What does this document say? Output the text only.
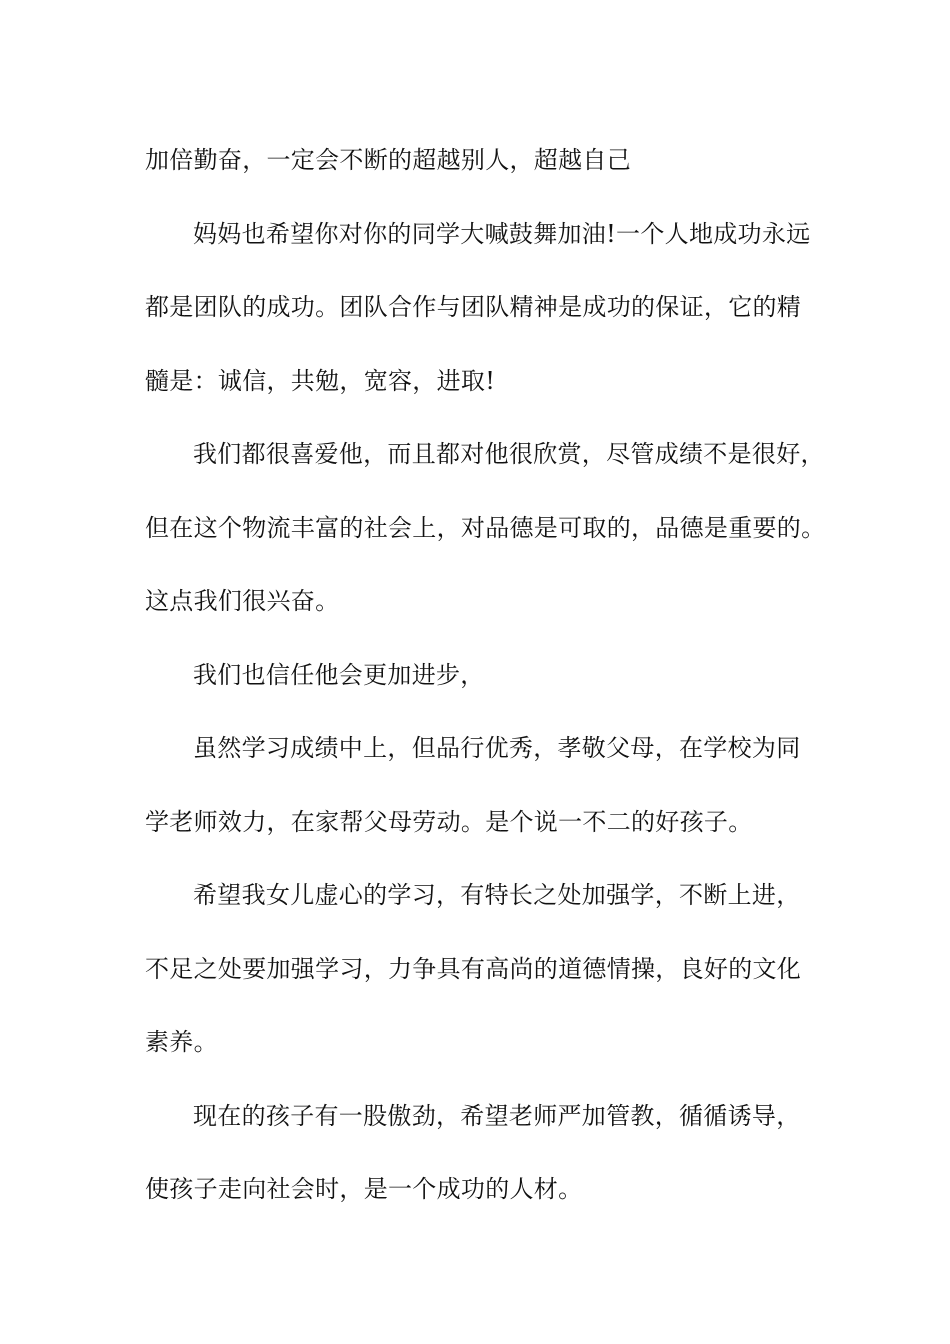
加倍勤奋，一定会不断的超越别人，超越自己
妈妈也希望你对你的同学大喊鼓舞加油!一个人地成功永远
都是团队的成功。团队合作与团队精神是成功的保证，它的精
髓是：诚信，共勉，宽容，进取!
我们都很喜爱他，而且都对他很欣赏，尽管成绩不是很好，
但在这个物流丰富的社会上，对品德是可取的，品德是重要的。
这点我们很兴奋。
我们也信任他会更加进步，
虽然学习成绩中上，但品行优秀，孝敬父母，在学校为同
学老师效力，在家帮父母劳动。是个说一不二的好孩子。
希望我女儿虚心的学习，有特长之处加强学，不断上进，
不足之处要加强学习，力争具有高尚的道德情操，良好的文化
素养。
现在的孩子有一股傲劲，希望老师严加管教，循循诱导，
使孩子走向社会时，是一个成功的人材。
